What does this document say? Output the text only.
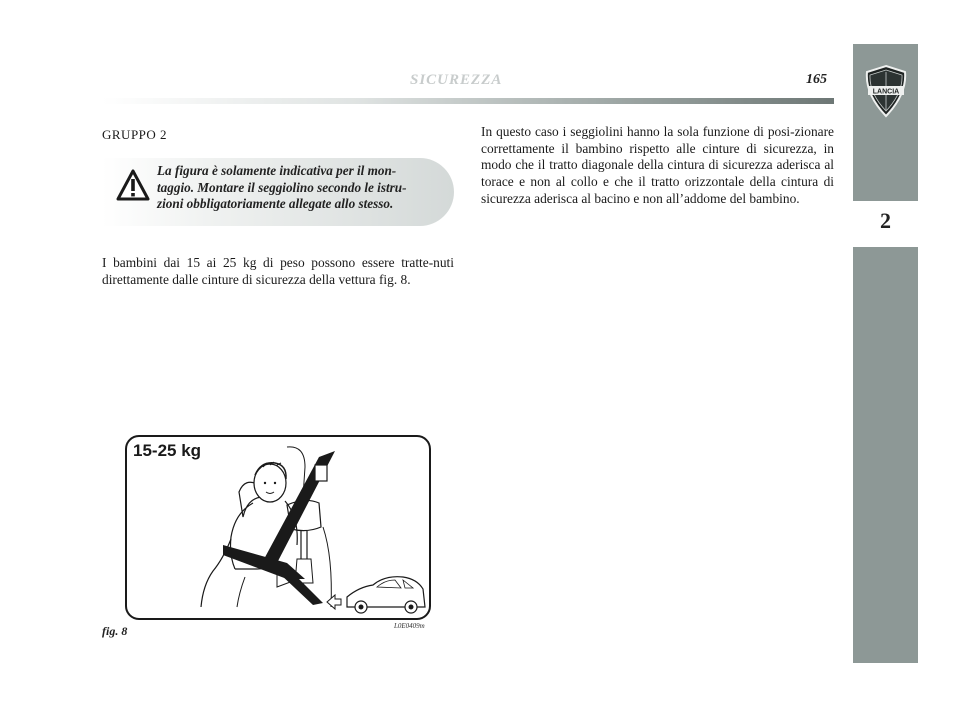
SICUREZZA	165
2
LANCIA
GRUPPO 2
La figura è solamente indicativa per il mon-
taggio. Montare il seggiolino secondo le istru-
zioni obbligatoriamente allegate allo stesso.
I bambini dai 15 ai 25 kg di peso possono essere tratte-nuti direttamente dalle cinture di sicurezza della vettura fig. 8.
15-25 kg
fig. 8	L0E0409m
In questo caso i seggiolini hanno la sola funzione di posi-zionare correttamente il bambino rispetto alle cinture di sicurezza, in modo che il tratto diagonale della cintura di sicurezza aderisca al torace e non al collo e che il tratto orizzontale della cintura di sicurezza aderisca al bacino e non all’addome del bambino.
